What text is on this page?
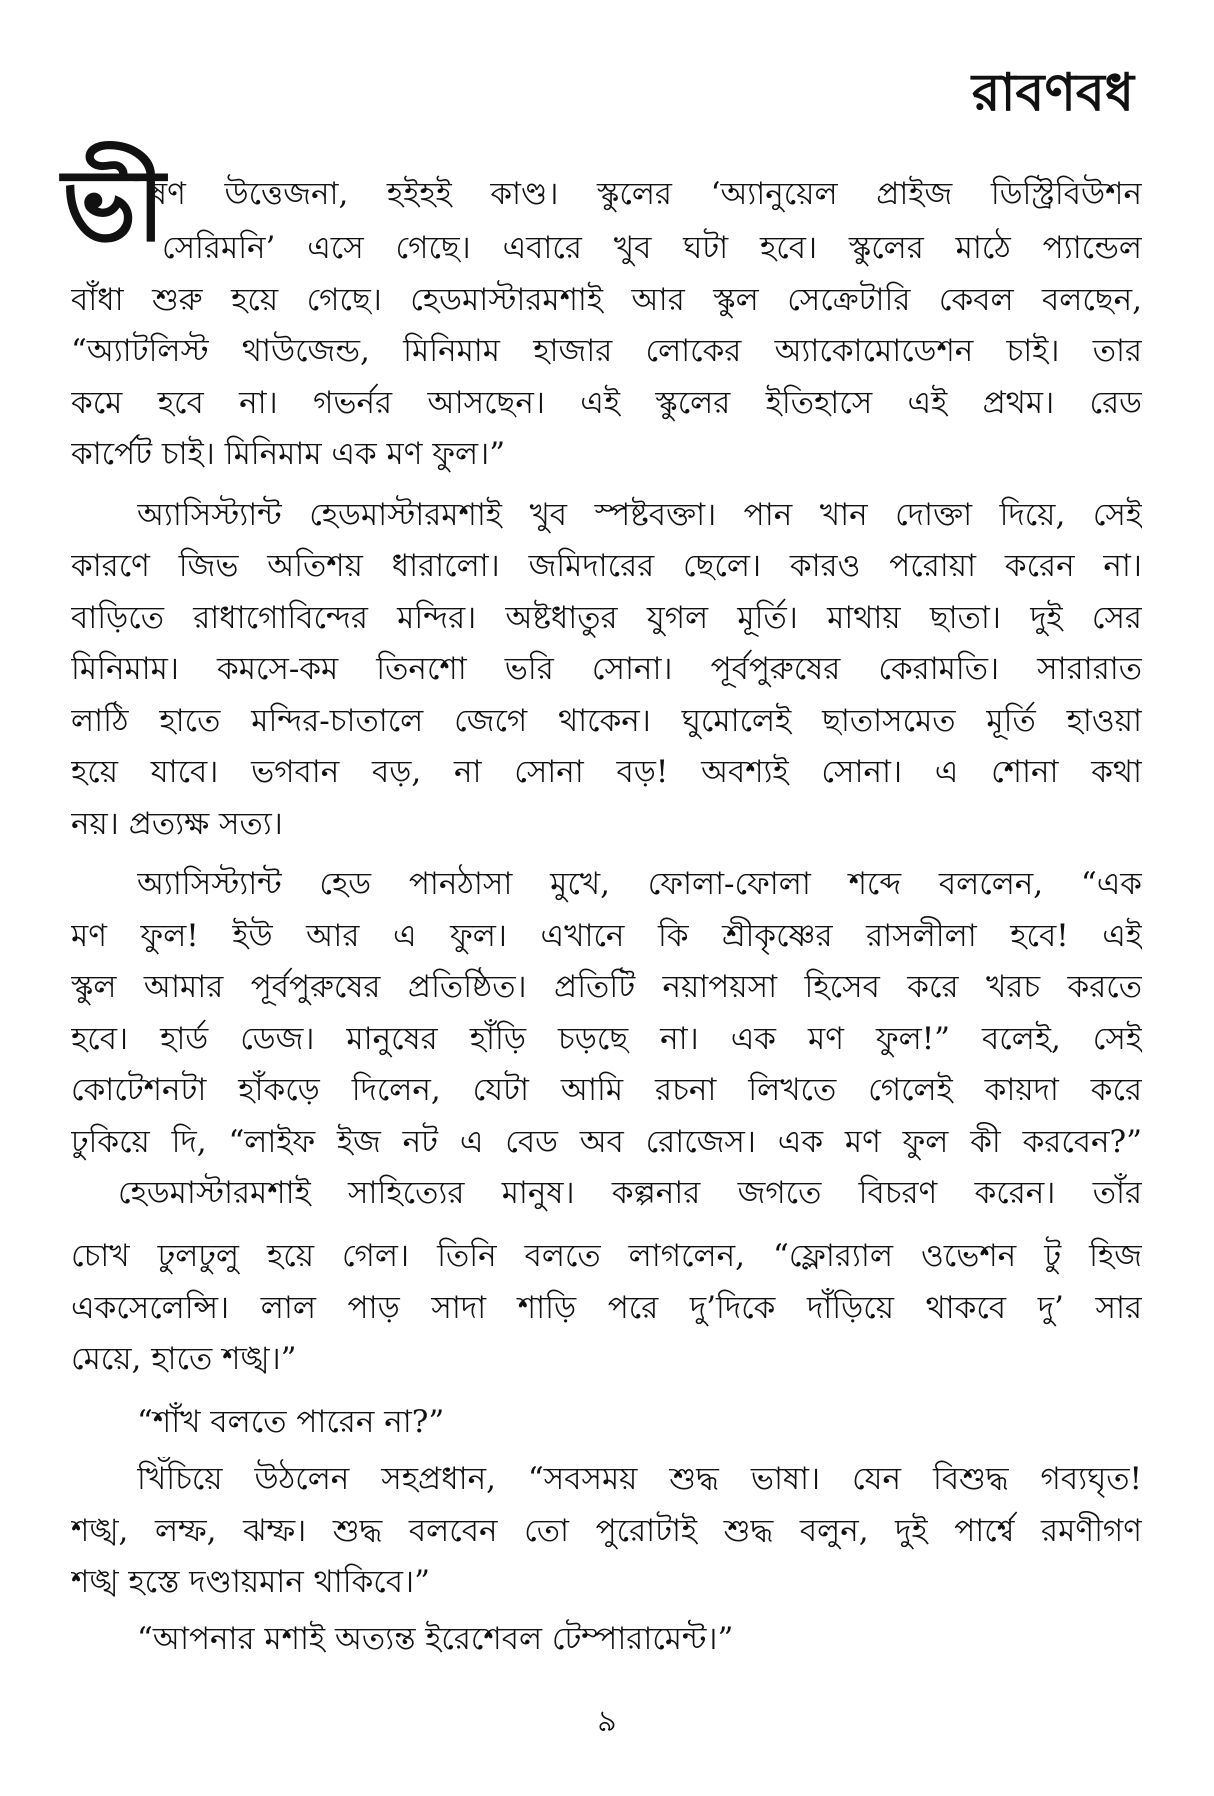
রাবণবধ
ভী
ষণ উত্তেজনা, হইহই কাণ্ড। স্কুলের ‘অ্যানুয়েল প্রাইজ ডিস্ট্রিবিউশন
সেরিমনি’ এসে গেছে। এবারে খুব ঘটা হবে। স্কুলের মাঠে প্যান্ডেল
বাঁধা শুরু হয়ে গেছে। হেডমাস্টারমশাই আর স্কুল সেক্রেটারি কেবল বলছেন,
“অ্যাটলিস্ট থাউজেন্ড, মিনিমাম হাজার লোকের অ্যাকোমোডেশন চাই। তার
কমে হবে না। গভর্নর আসছেন। এই স্কুলের ইতিহাসে এই প্রথম। রেড
কার্পেট চাই। মিনিমাম এক মণ ফুল।”
অ্যাসিস্ট্যান্ট হেডমাস্টারমশাই খুব স্পষ্টবক্তা। পান খান দোক্তা দিয়ে, সেই
কারণে জিভ অতিশয় ধারালো। জমিদারের ছেলে। কারও পরোয়া করেন না।
বাড়িতে রাধাগোবিন্দের মন্দির। অষ্টধাতুর যুগল মূর্তি। মাথায় ছাতা। দুই সের
মিনিমাম। কমসে-কম তিনশো ভরি সোনা। পূর্বপুরুষের কেরামতি। সারারাত
লাঠি হাতে মন্দির-চাতালে জেগে থাকেন। ঘুমোলেই ছাতাসমেত মূর্তি হাওয়া
হয়ে যাবে। ভগবান বড়, না সোনা বড়! অবশ্যই সোনা। এ শোনা কথা
নয়। প্রত্যক্ষ সত্য।
অ্যাসিস্ট্যান্ট হেড পানঠাসা মুখে, ফোলা-ফোলা শব্দে বললেন, “এক
মণ ফুল! ইউ আর এ ফুল। এখানে কি শ্রীকৃষ্ণের রাসলীলা হবে! এই
স্কুল আমার পূর্বপুরুষের প্রতিষ্ঠিত। প্রতিটি নয়াপয়সা হিসেব করে খরচ করতে
হবে। হার্ড ডেজ। মানুষের হাঁড়ি চড়ছে না। এক মণ ফুল!” বলেই, সেই
কোটেশনটা হাঁকড়ে দিলেন, যেটা আমি রচনা লিখতে গেলেই কায়দা করে
ঢুকিয়ে দি, “লাইফ ইজ নট এ বেড অব রোজেস। এক মণ ফুল কী করবেন?”
হেডমাস্টারমশাই সাহিত্যের মানুষ। কল্পনার জগতে বিচরণ করেন। তাঁর
চোখ ঢুলঢুলু হয়ে গেল। তিনি বলতে লাগলেন, “ফ্লোর‍্যাল ওভেশন টু হিজ
একসেলেন্সি। লাল পাড় সাদা শাড়ি পরে দু’দিকে দাঁড়িয়ে থাকবে দু’ সার
মেয়ে, হাতে শঙ্খ।”
“শাঁখ বলতে পারেন না?”
খিঁচিয়ে উঠলেন সহপ্রধান, “সবসময় শুদ্ধ ভাষা। যেন বিশুদ্ধ গব্যঘৃত!
শঙ্খ, লম্ফ, ঝম্ফ। শুদ্ধ বলবেন তো পুরোটাই শুদ্ধ বলুন, দুই পার্শ্বে রমণীগণ
শঙ্খ হস্তে দণ্ডায়মান থাকিবে।”
“আপনার মশাই অত্যন্ত ইরেশেবল টেম্পারামেন্ট।”
৯
